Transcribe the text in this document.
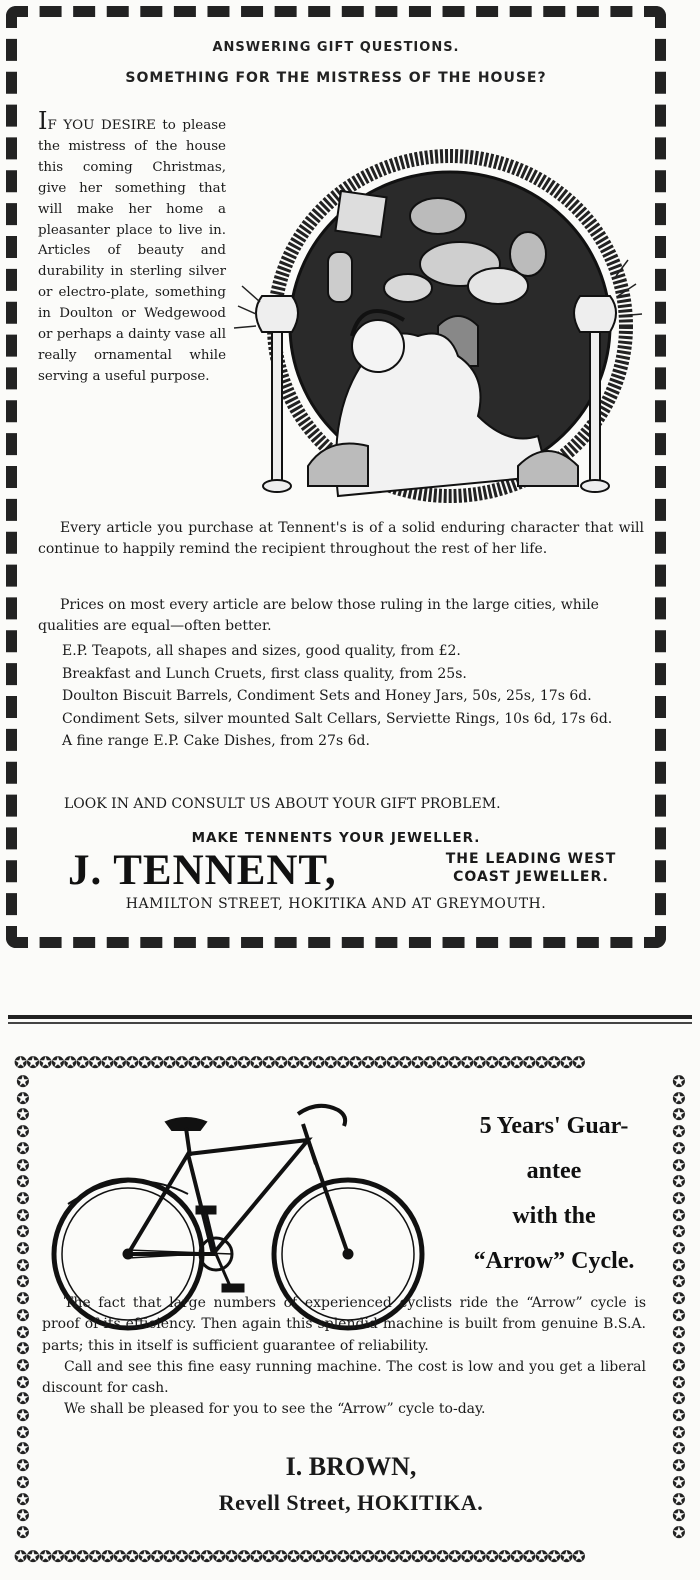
ANSWERING GIFT QUESTIONS.
SOMETHING FOR THE MISTRESS OF THE HOUSE?
IF YOU DESIRE to please the mistress of the house this coming Christmas, give her something that will make her home a pleasanter place to live in. Articles of beauty and durability in sterling silver or electro-plate, something in Doulton or Wedgewood or perhaps a dainty vase all really ornamental while serving a useful purpose.
Every article you purchase at Tennent's is of a solid enduring character that will continue to happily remind the recipient throughout the rest of her life.
Prices on most every article are below those ruling in the large cities, while qualities are equal—often better.
E.P. Teapots, all shapes and sizes, good quality, from £2.
Breakfast and Lunch Cruets, first class quality, from 25s.
Doulton Biscuit Barrels, Condiment Sets and Honey Jars, 50s, 25s, 17s 6d.
Condiment Sets, silver mounted Salt Cellars, Serviette Rings, 10s 6d, 17s 6d.
A fine range E.P. Cake Dishes, from 27s 6d.
LOOK IN AND CONSULT US ABOUT YOUR GIFT PROBLEM.
MAKE TENNENTS YOUR JEWELLER.
J. TENNENT,	THE LEADING WEST
COAST JEWELLER.
HAMILTON STREET, HOKITIKA AND AT GREYMOUTH.
✪✪✪✪✪✪✪✪✪✪✪✪✪✪✪✪✪✪✪✪✪✪✪✪✪✪✪✪✪✪✪✪✪✪✪✪✪✪✪✪✪✪✪✪✪✪
✪✪✪✪✪✪✪✪✪✪✪✪✪✪✪✪✪✪✪✪✪✪✪✪✪✪✪✪✪✪✪✪✪✪✪✪✪✪✪✪✪✪✪✪✪✪
✪✪✪✪✪✪✪✪✪✪✪✪✪✪✪✪✪✪✪✪✪✪✪✪✪✪✪✪
✪✪✪✪✪✪✪✪✪✪✪✪✪✪✪✪✪✪✪✪✪✪✪✪✪✪✪✪
5 Years' Guar-
antee
with the
“Arrow” Cycle.

The fact that large numbers of experienced cyclists ride the “Arrow” cycle is proof of its efficiency. Then again this splendid machine is built from genuine B.S.A. parts; this in itself is sufficient guarantee of reliability.

Call and see this fine easy running machine. The cost is low and you get a liberal discount for cash.

We shall be pleased for you to see the “Arrow” cycle to-day.

I. BROWN,
Revell Street, HOKITIKA.
